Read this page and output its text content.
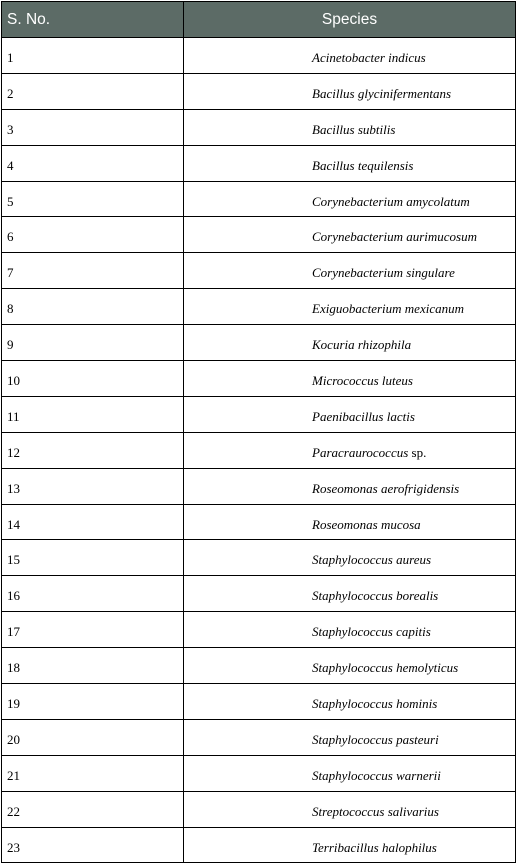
S. No.	Species
1	Acinetobacter indicus
2	Bacillus glycinifermentans
3	Bacillus subtilis
4	Bacillus tequilensis
5	Corynebacterium amycolatum
6	Corynebacterium aurimucosum
7	Corynebacterium singulare
8	Exiguobacterium mexicanum
9	Kocuria rhizophila
10	Micrococcus luteus
11	Paenibacillus lactis
12	Paracraurococcus sp.
13	Roseomonas aerofrigidensis
14	Roseomonas mucosa
15	Staphylococcus aureus
16	Staphylococcus borealis
17	Staphylococcus capitis
18	Staphylococcus hemolyticus
19	Staphylococcus hominis
20	Staphylococcus pasteuri
21	Staphylococcus warnerii
22	Streptococcus salivarius
23	Terribacillus halophilus
